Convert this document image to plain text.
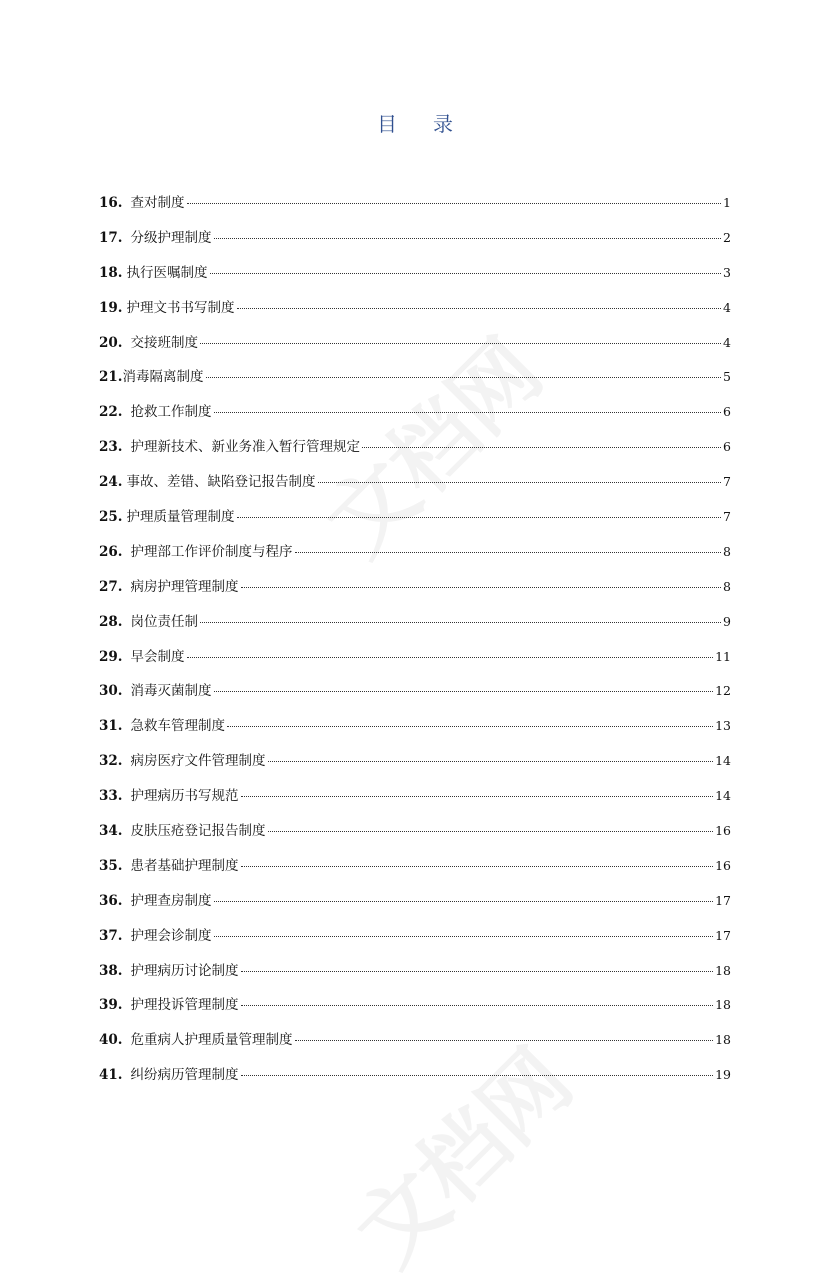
文档网
文档网
目 录
16. 查对制度	1
17. 分级护理制度	2
18. 执行医嘱制度	3
19. 护理文书书写制度	4
20. 交接班制度	4
21. 消毒隔离制度	5
22. 抢救工作制度	6
23. 护理新技术、新业务准入暂行管理规定	6
24. 事故、差错、缺陷登记报告制度	7
25. 护理质量管理制度	7
26. 护理部工作评价制度与程序	8
27. 病房护理管理制度	8
28. 岗位责任制	9
29. 早会制度	11
30. 消毒灭菌制度	12
31. 急救车管理制度	13
32. 病房医疗文件管理制度	14
33. 护理病历书写规范	14
34. 皮肤压疮登记报告制度	16
35. 患者基础护理制度	16
36. 护理查房制度	17
37. 护理会诊制度	17
38. 护理病历讨论制度	18
39. 护理投诉管理制度	18
40. 危重病人护理质量管理制度	18
41. 纠纷病历管理制度	19
